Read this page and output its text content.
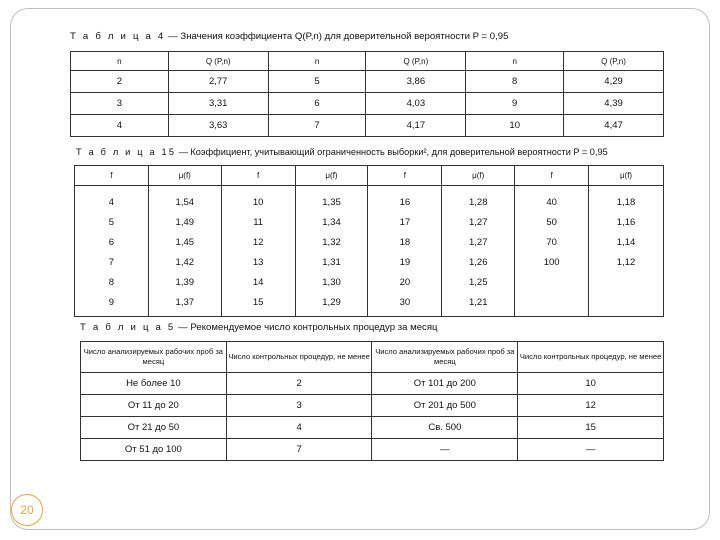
Т а б л и ц а 4 — Значения коэффициента Q(P,n) для доверительной вероятности P = 0,95
n	Q (P,n)	n	Q (P,n)	n	Q (P,n)
2	2,77	5	3,86	8	4,29
3	3,31	6	4,03	9	4,39
4	3,63	7	4,17	10	4,47
Т а б л и ц а 15 — Коэффициент, учитывающий ограниченность выборки², для доверительной вероятности P = 0,95
f	μ(f)	f	μ(f)	f	μ(f)	f	μ(f)
4	1,54	10	1,35	16	1,28	40	1,18
5	1,49	11	1,34	17	1,27	50	1,16
6	1,45	12	1,32	18	1,27	70	1,14
7	1,42	13	1,31	19	1,26	100	1,12
8	1,39	14	1,30	20	1,25		
9	1,37	15	1,29	30	1,21		
Т а б л и ц а 5 — Рекомендуемое число контрольных процедур за месяц
Число анализируемых рабочих проб за месяц	Число контрольных процедур, не менее	Число анализируемых рабочих проб за месяц	Число контрольных процедур, не менее
Не более 10	2	От 101 до 200	10
От 11 до 20	3	От 201 до 500	12
От 21 до 50	4	Св. 500	15
От 51 до 100	7	—	—
20
